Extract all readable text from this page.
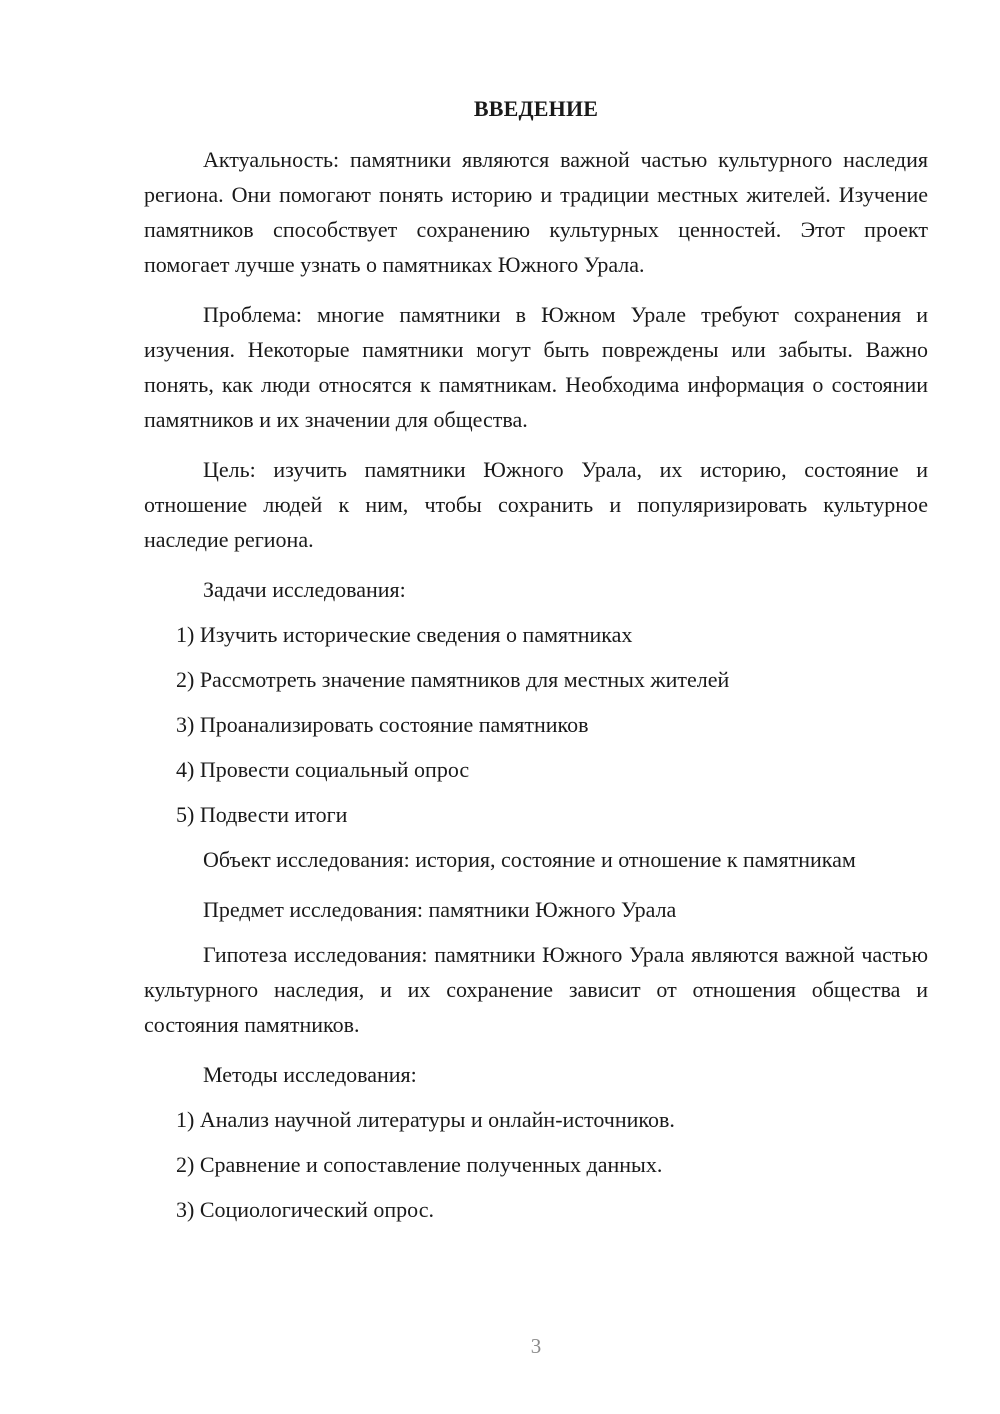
ВВЕДЕНИЕ

Актуальность: памятники являются важной частью культурного наследия региона. Они помогают понять историю и традиции местных жителей. Изучение памятников способствует сохранению культурных ценностей. Этот проект помогает лучше узнать о памятниках Южного Урала.

Проблема: многие памятники в Южном Урале требуют сохранения и изучения. Некоторые памятники могут быть повреждены или забыты. Важно понять, как люди относятся к памятникам. Необходима информация о состоянии памятников и их значении для общества.

Цель: изучить памятники Южного Урала, их историю, состояние и отношение людей к ним, чтобы сохранить и популяризировать культурное наследие региона.

Задачи исследования:

1) Изучить исторические сведения о памятниках

2) Рассмотреть значение памятников для местных жителей

3) Проанализировать состояние памятников

4) Провести социальный опрос

5) Подвести итоги

Объект исследования: история, состояние и отношение к памятникам

Предмет исследования: памятники Южного Урала

Гипотеза исследования: памятники Южного Урала являются важной частью культурного наследия, и их сохранение зависит от отношения общества и состояния памятников.

Методы исследования:

1) Анализ научной литературы и онлайн-источников.

2) Сравнение и сопоставление полученных данных.

3) Социологический опрос.

3
